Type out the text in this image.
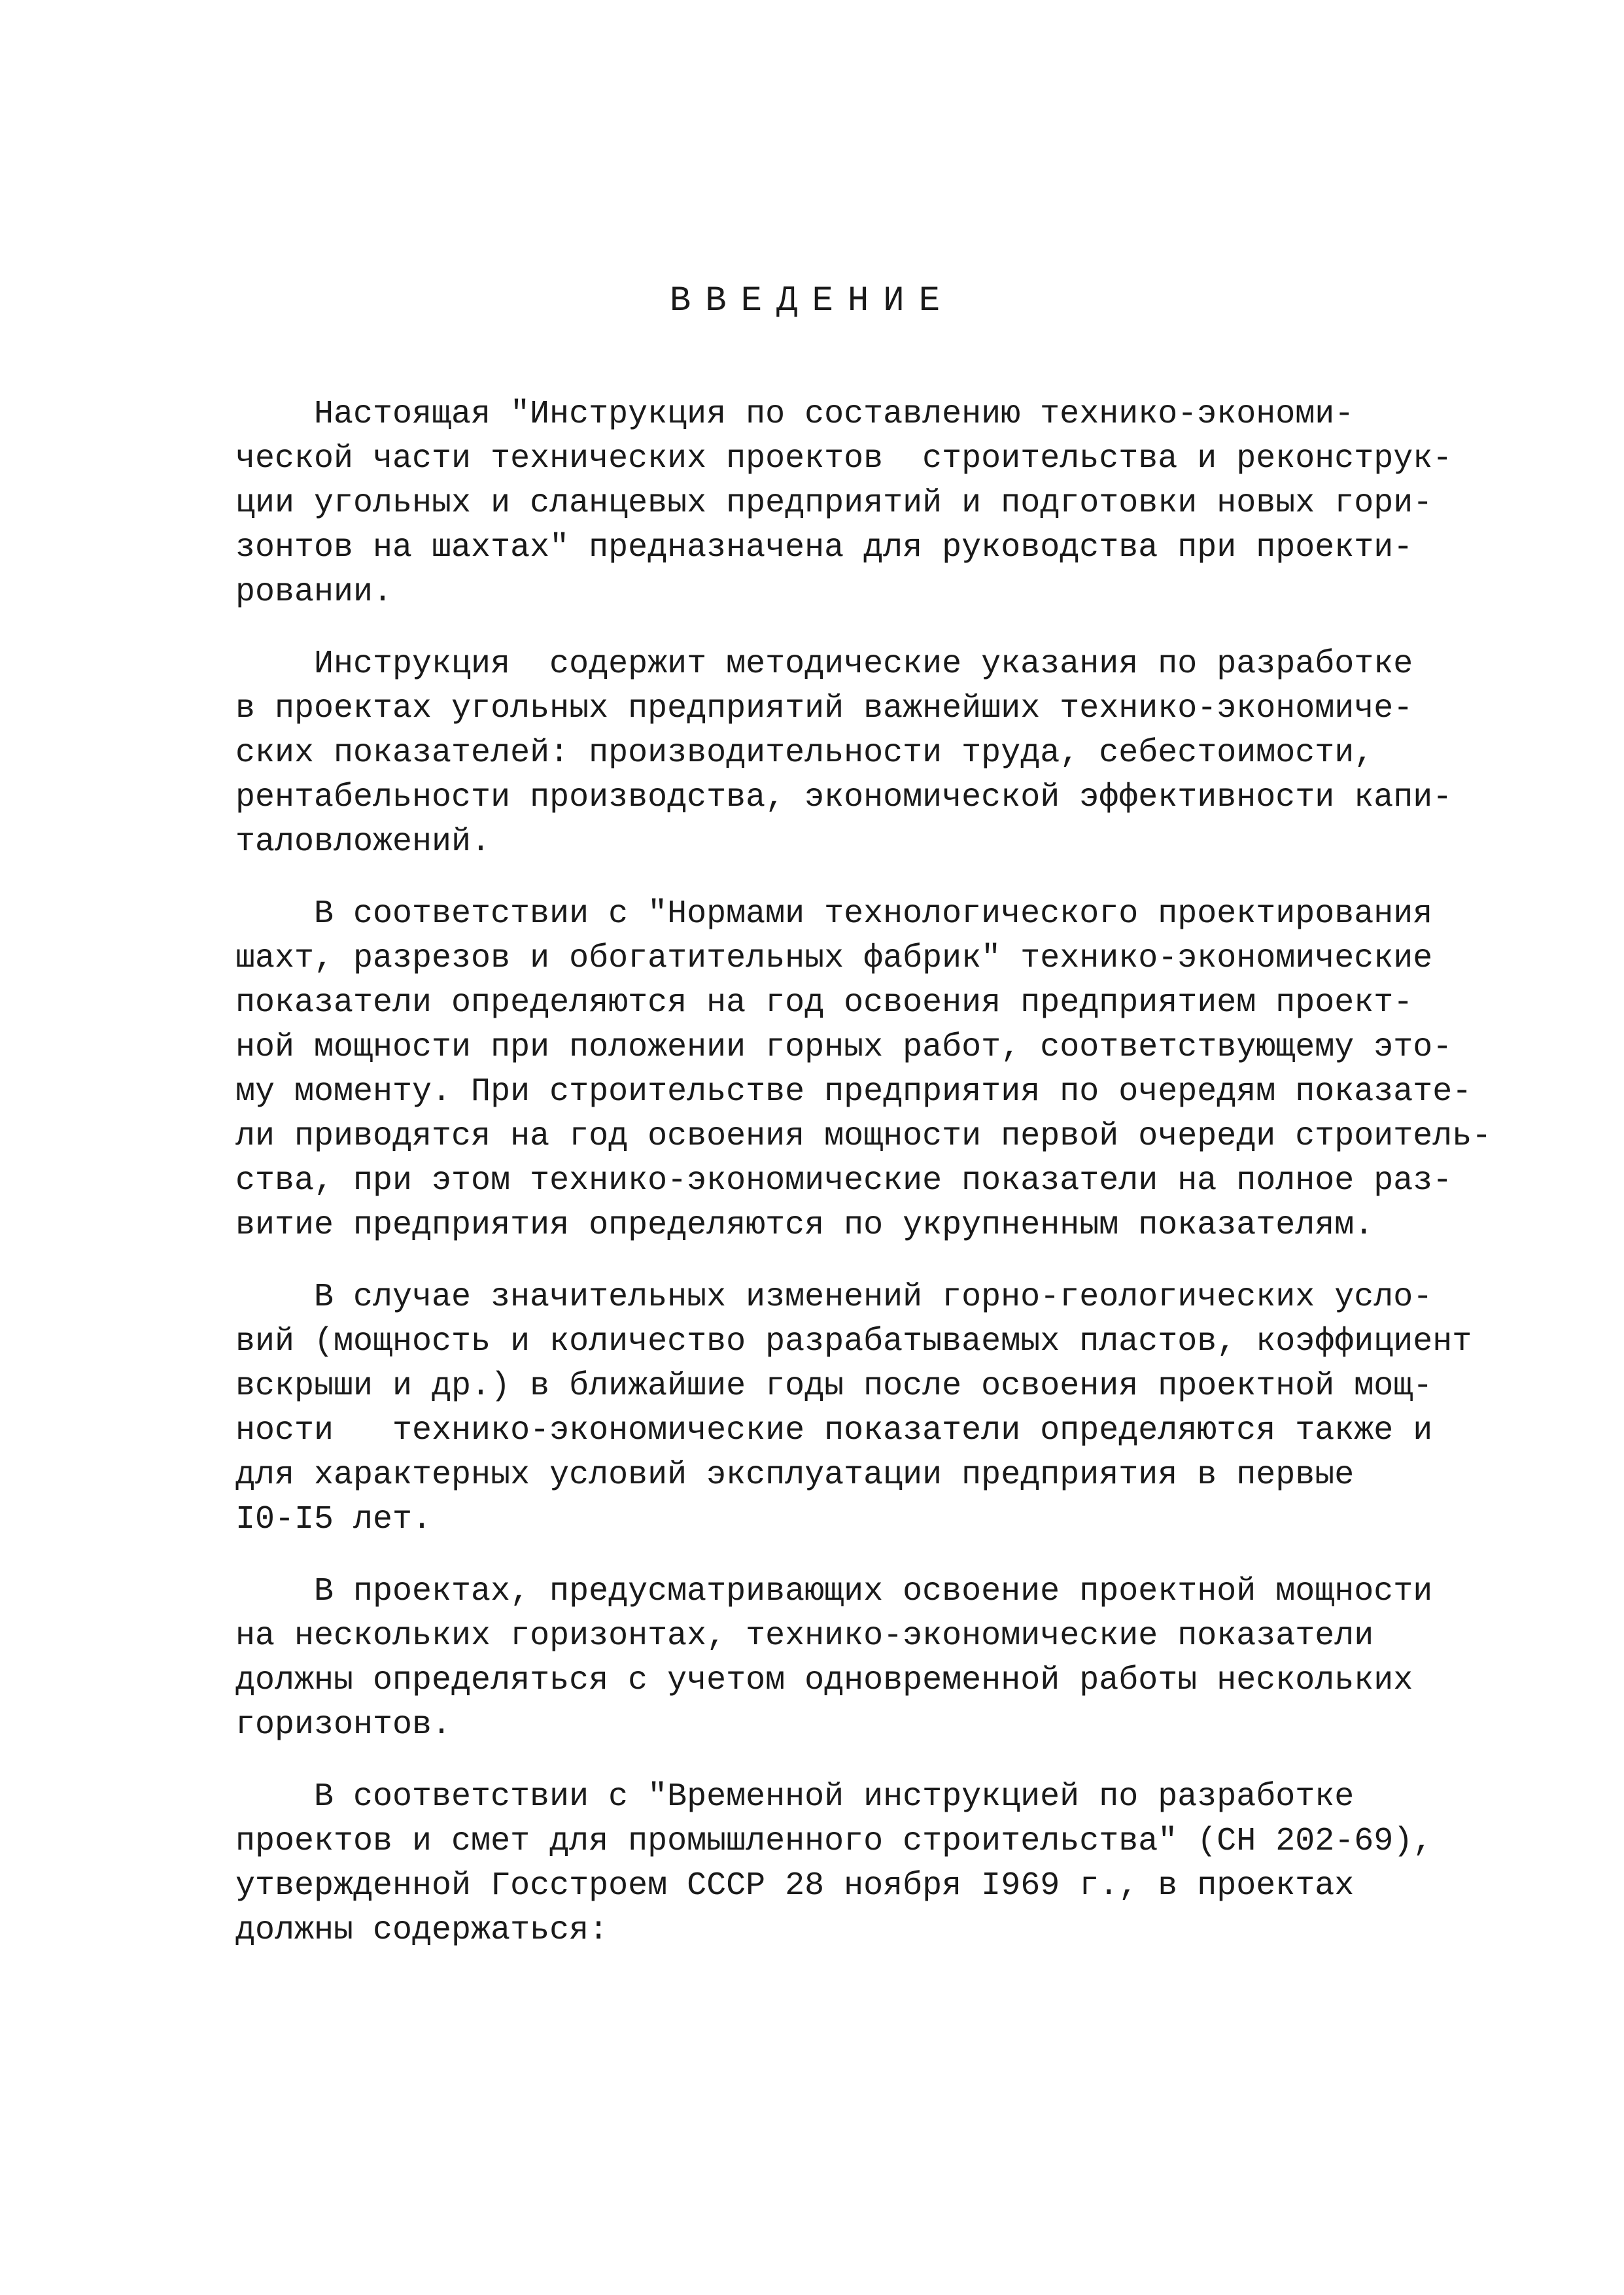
ВВЕДЕНИЕ
Настоящая "Инструкция по составлению технико-экономи-
ческой части технических проектов  строительства и реконструк-
ции угольных и сланцевых предприятий и подготовки новых гори-
зонтов на шахтах" предназначена для руководства при проекти-
ровании.
Инструкция  содержит методические указания по разработке
в проектах угольных предприятий важнейших технико-экономиче-
ских показателей: производительности труда, себестоимости,
рентабельности производства, экономической эффективности капи-
таловложений.
В соответствии с "Нормами технологического проектирования
шахт, разрезов и обогатительных фабрик" технико-экономические
показатели определяются на год освоения предприятием проект-
ной мощности при положении горных работ, соответствующему это-
му моменту. При строительстве предприятия по очередям показате-
ли приводятся на год освоения мощности первой очереди строитель-
ства, при этом технико-экономические показатели на полное раз-
витие предприятия определяются по укрупненным показателям.
В случае значительных изменений горно-геологических усло-
вий (мощность и количество разрабатываемых пластов, коэффициент
вскрыши и др.) в ближайшие годы после освоения проектной мощ-
ности   технико-экономические показатели определяются также и
для характерных условий эксплуатации предприятия в первые
I0-I5 лет.
В проектах, предусматривающих освоение проектной мощности
на нескольких горизонтах, технико-экономические показатели
должны определяться с учетом одновременной работы нескольких
горизонтов.
В соответствии с "Временной инструкцией по разработке
проектов и смет для промышленного строительства" (СН 202-69),
утвержденной Госстроем СССР 28 ноября I969 г., в проектах
должны содержаться:
